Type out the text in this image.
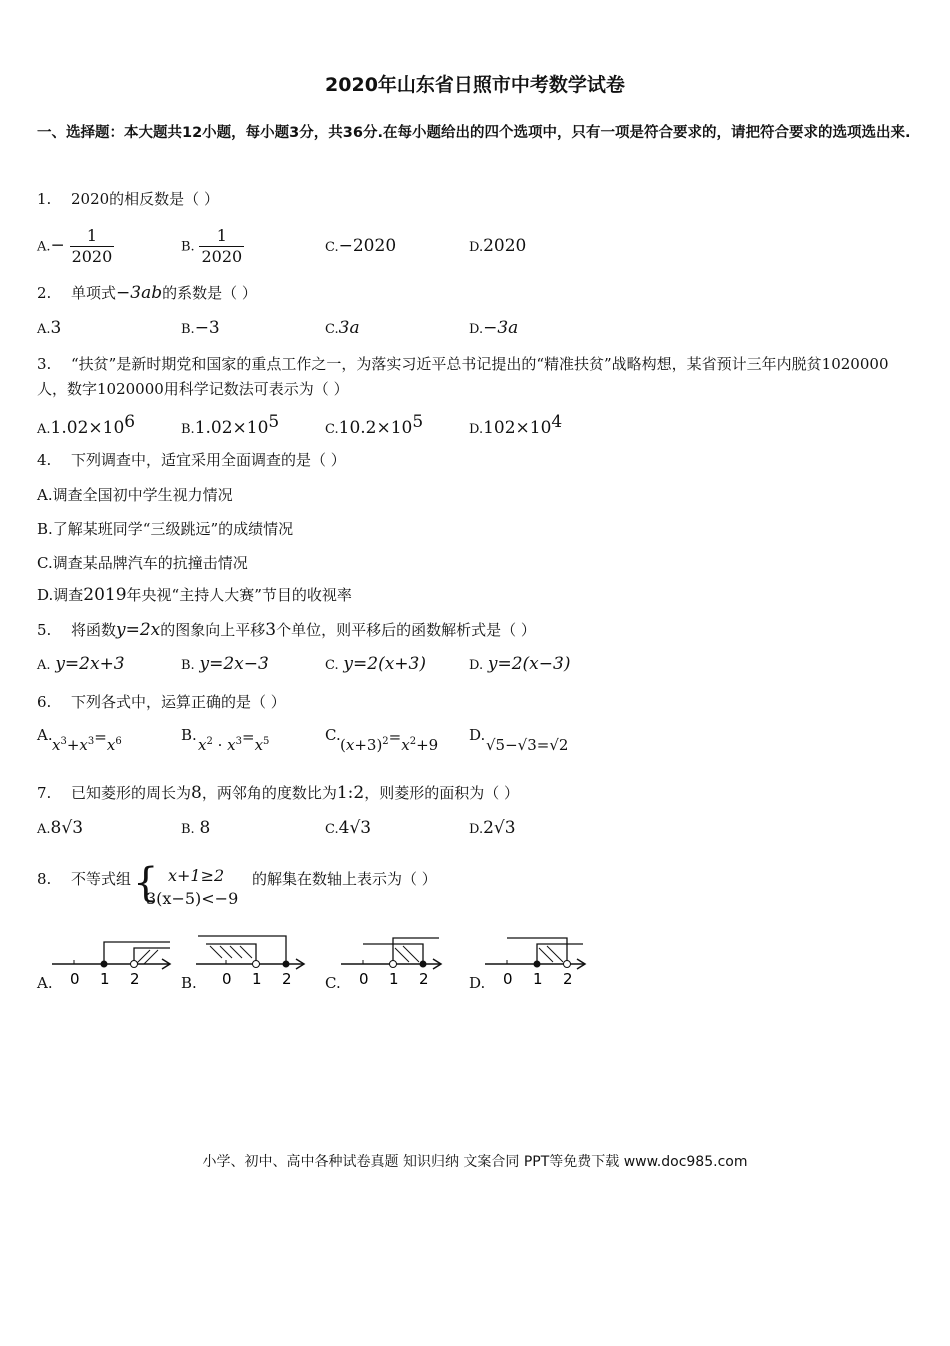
2020年山东省日照市中考数学试卷
一、选择题：本大题共12小题，每小题3分，共36分.在每小题给出的四个选项中，只有一项是符合要求的，请把符合要求的选项选出来.
1. 2020的相反数是（ ）
$A.- \frac{1}{2020}$	B. $\frac{1}{2020}$	C.−2020	D.2020
2. 单项式−3ab的系数是（ ）
A.3	B.−3	C.3a	D.−3a
3. “扶贫”是新时期党和国家的重点工作之一，为落实习近平总书记提出的“精准扶贫”战略构想，某省预计三年内脱贫1020000人，数字1020000用科学记数法可表示为（ ）
$A.1.02\times 10^6$	$B.1.02\times 10^5$	$C.10.2\times 10^5$	$D.102\times 10^4$
4. 下列调查中，适宜采用全面调查的是（ ）
A.调查全国初中学生视力情况
B.了解某班同学“三级跳远”的成绩情况
C.调查某品牌汽车的抗撞击情况
D.调查2019年央视“主持人大赛”节目的收视率
5. 将函数y=2x的图象向上平移3个单位，则平移后的函数解析式是（ ）
A. y=2x+3	B. y=2x−3	C. y=2(x+3)	D. y=2(x−3)
6. 下列各式中，运算正确的是（ ）
A.
$x^3+x^3=x^6$	B.
$x^2 \cdot x^3=x^5$	C.
$(x+3)^2=x^2+9$
D.
√5−√3=√2
7. 已知菱形的周长为8，两邻角的度数比为1:2，则菱形的面积为（ ）
A.8√3	B. 8	C.4√3	D.2√3
8. 不等式组 { x+1≥2
3(x−5)<−9
的解集在数轴上表示为（ ）
A. 0 1 2	B. 0 1 2 C. 0 1 2	D. 0 1 2
小学、初中、高中各种试卷真题 知识归纳 文案合同 PPT等免费下载 www.doc985.com
